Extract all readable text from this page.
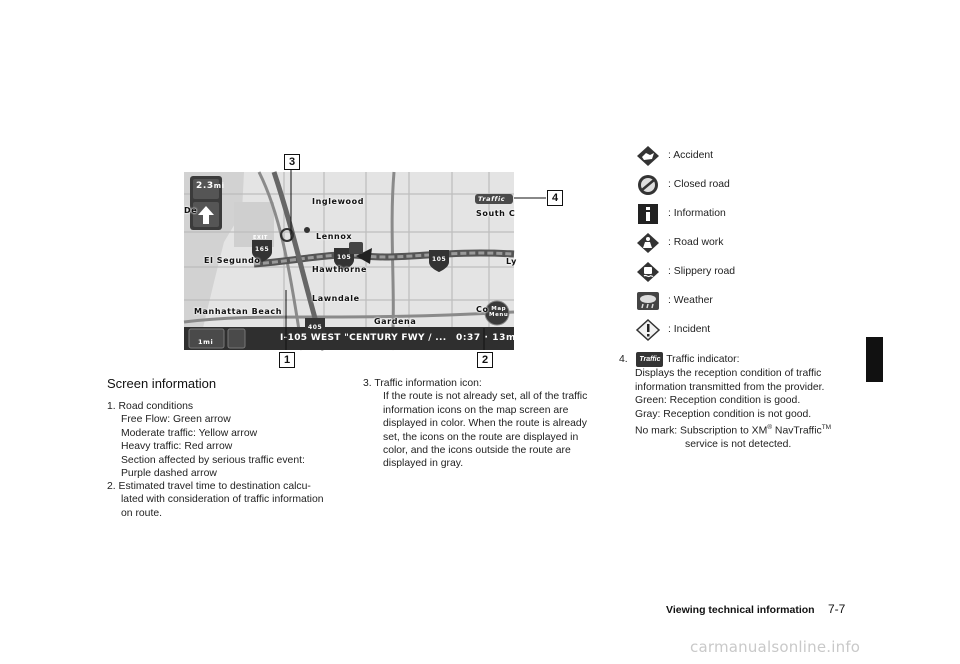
2.3mi
Traffic
1mi
Map
Menu
I-105 WEST "CENTURY FWY / ... 0:37 · 13mi
EXIT
165
105	105
405
Inglewood
Lennox
El Segundo
Hawthorne
Lawndale
Manhattan Beach
Gardena
South C
De
Ly
Co
3
1	2
4
Screen information
1. Road conditions
Free Flow: Green arrow
Moderate traffic: Yellow arrow
Heavy traffic: Red arrow
Section affected by serious traffic event:
Purple dashed arrow
2. Estimated travel time to destination calcu-
lated with consideration of traffic information
on route.
3. Traffic information icon:
If the route is not already set, all of the traffic
information icons on the map screen are
displayed in color. When the route is already
set, the icons on the route are displayed in
color, and the icons outside the route are
displayed in gray.
: Accident
: Closed road
: Information
: Road work
: Slippery road
: Weather
: Incident
4. Traffic Traffic indicator:
Displays the reception condition of traffic
information transmitted from the provider.
Green: Reception condition is good.
Gray: Reception condition is not good.
No mark: Subscription to XM® NavTraffic™
service is not detected.
Viewing technical information 7-7
carmanualsonline.info
